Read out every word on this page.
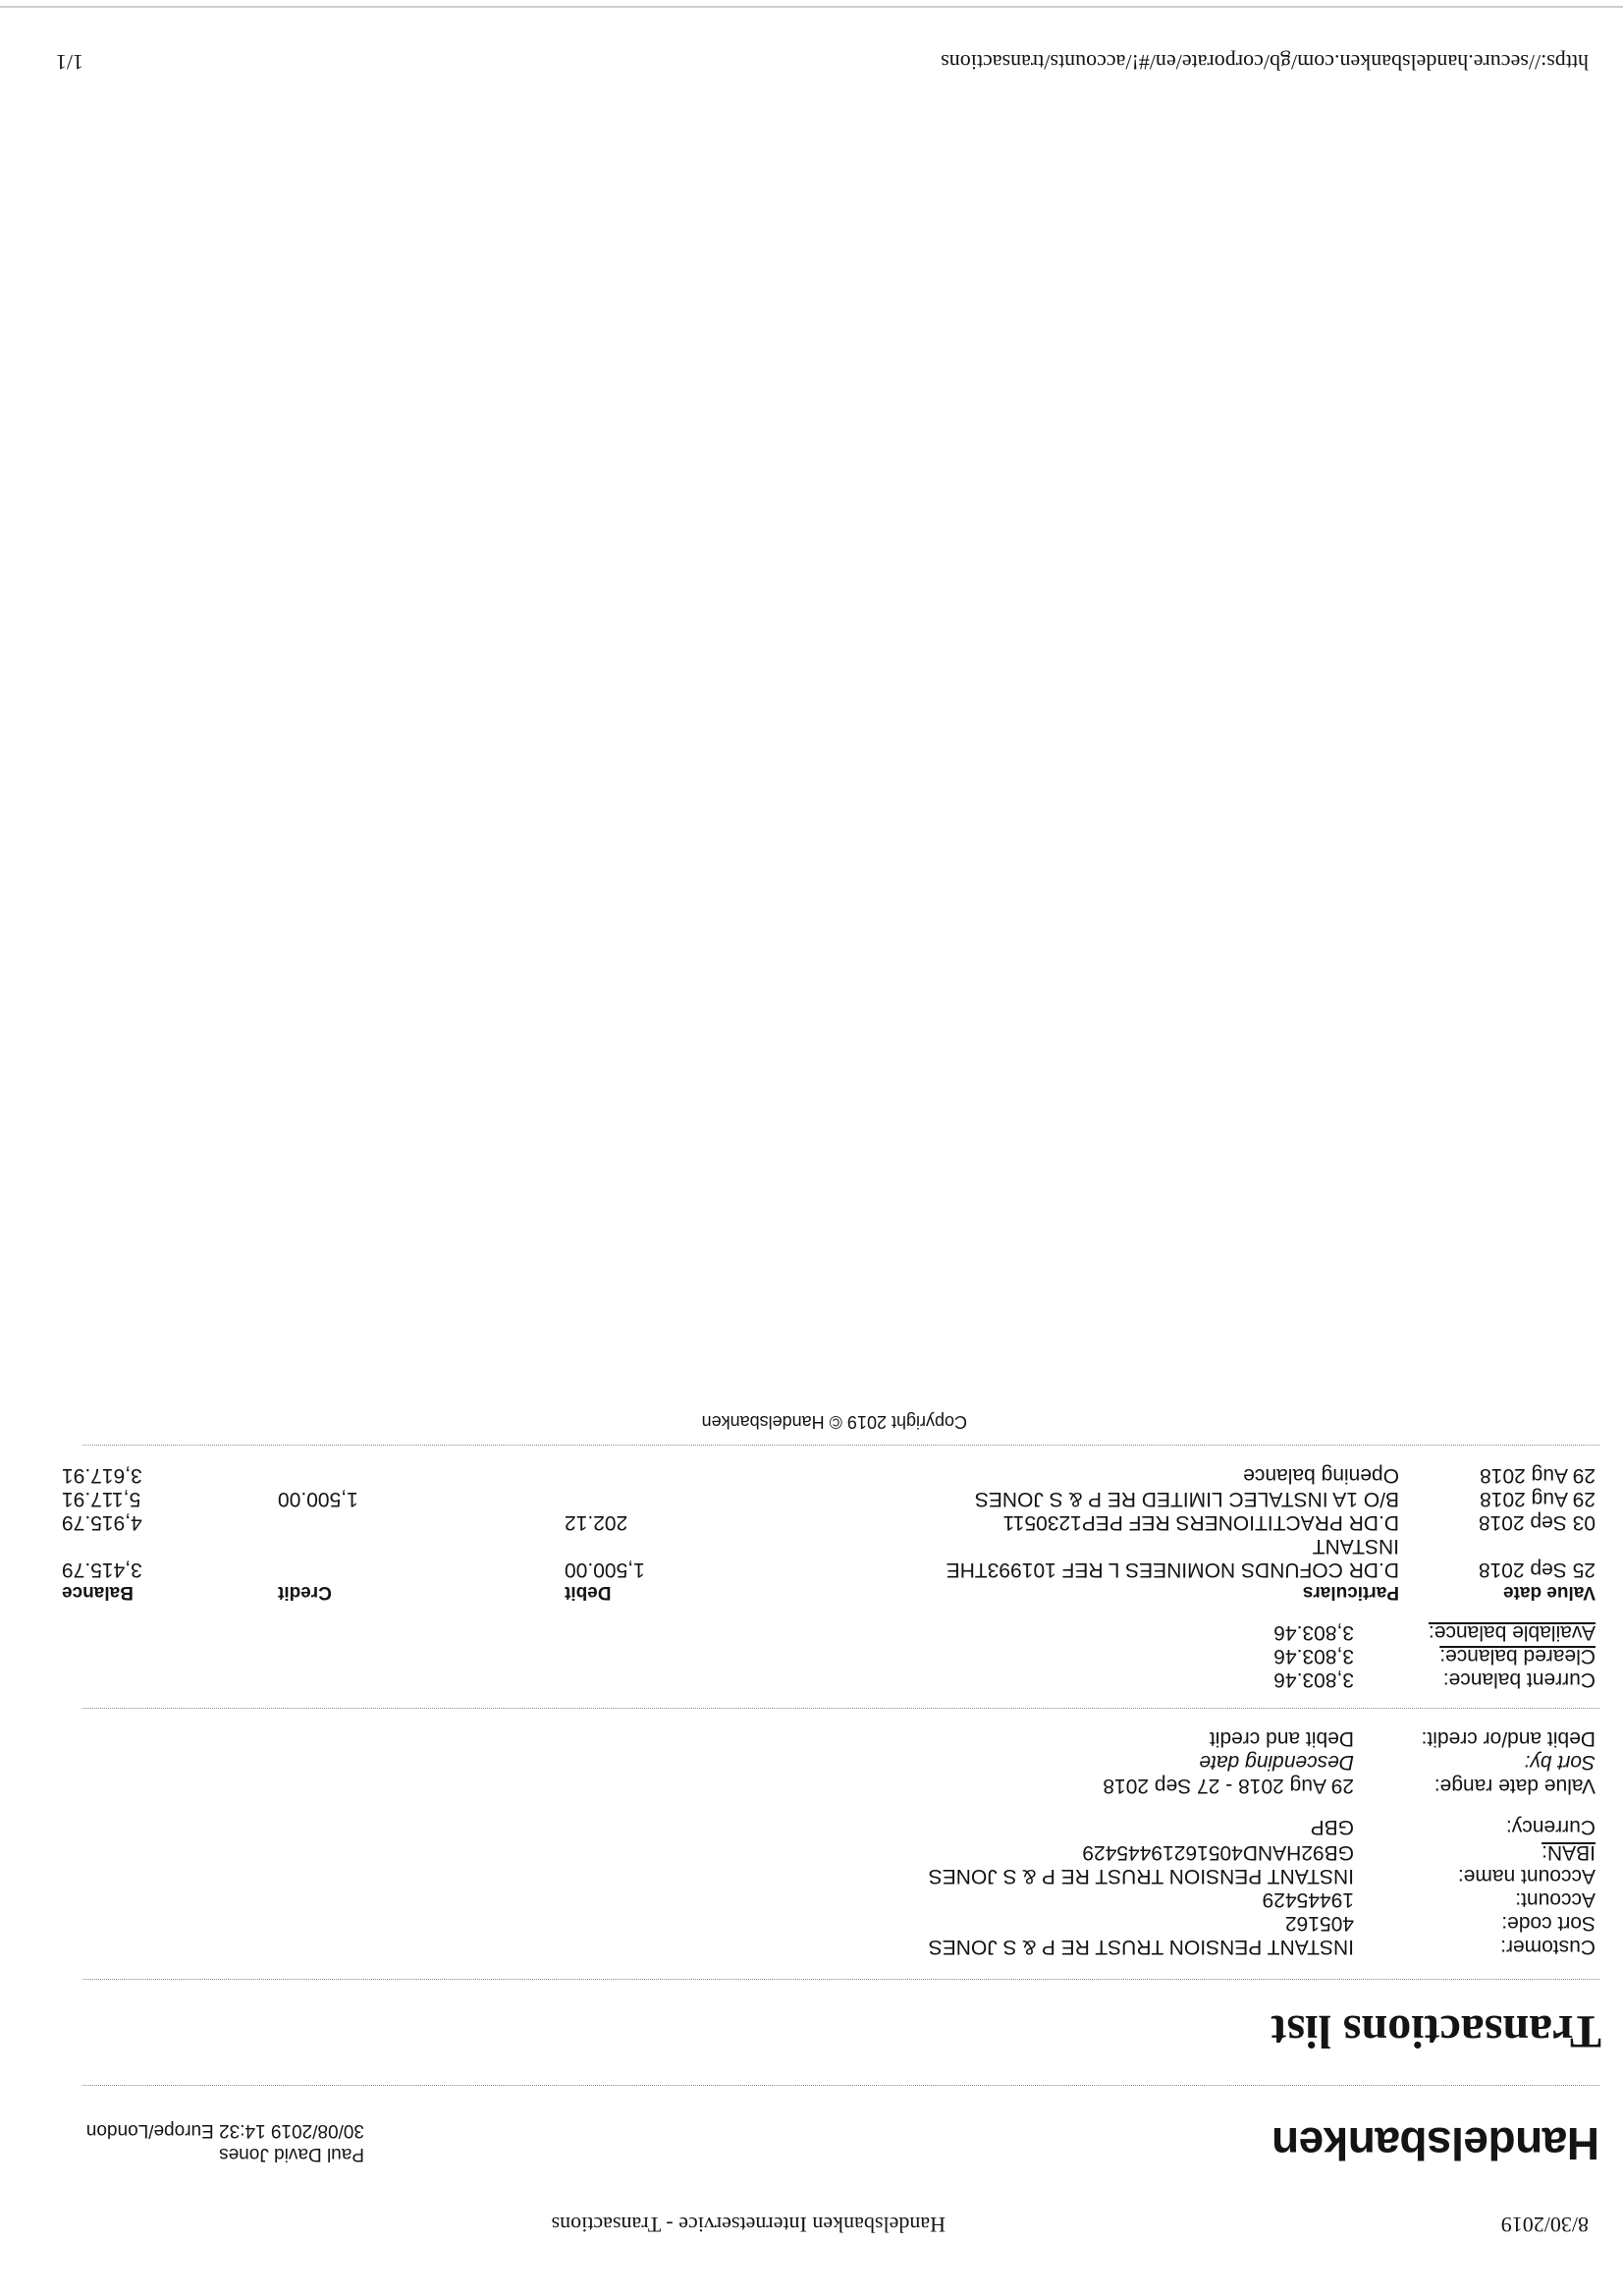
8/30/2019
Handelsbanken Internetservice - Transactions
Handelsbanken
Paul David Jones
30/08/2019 14:32 Europe/London
Transactions list
Customer:
INSTANT PENSION TRUST RE P & S JONES
Sort code:
405162
Account:
19445429
Account name:
INSTANT PENSION TRUST RE P & S JONES
IBAN:
GB92HAND40516219445429
Currency:
GBP
Value date range:
29 Aug 2018 - 27 Sep 2018
Sort by:
Descending date
Debit and/or credit:
Debit and credit
Current balance:
3,803.46
Cleared balance:
3,803.46
Available balance:
3,803.46
Value date
Particulars
Debit
Credit
Balance
25 Sep 2018
D.DR COFUNDS NOMINEES L REF 101993THE
INSTANT
1,500.00
3,415.79
03 Sep 2018
D.DR PRACTITIONERS REF PEP1230511
202.12
4,915.79
29 Aug 2018
B/O 1A INSTALEC LIMITED RE P & S JONES
1,500.00
5,117.91
29 Aug 2018
Opening balance
3,617.91
Copyright 2019 © Handelsbanken
https://secure.handelsbanken.com/gb/corporate/en/#!/accounts/transactions
1/1
